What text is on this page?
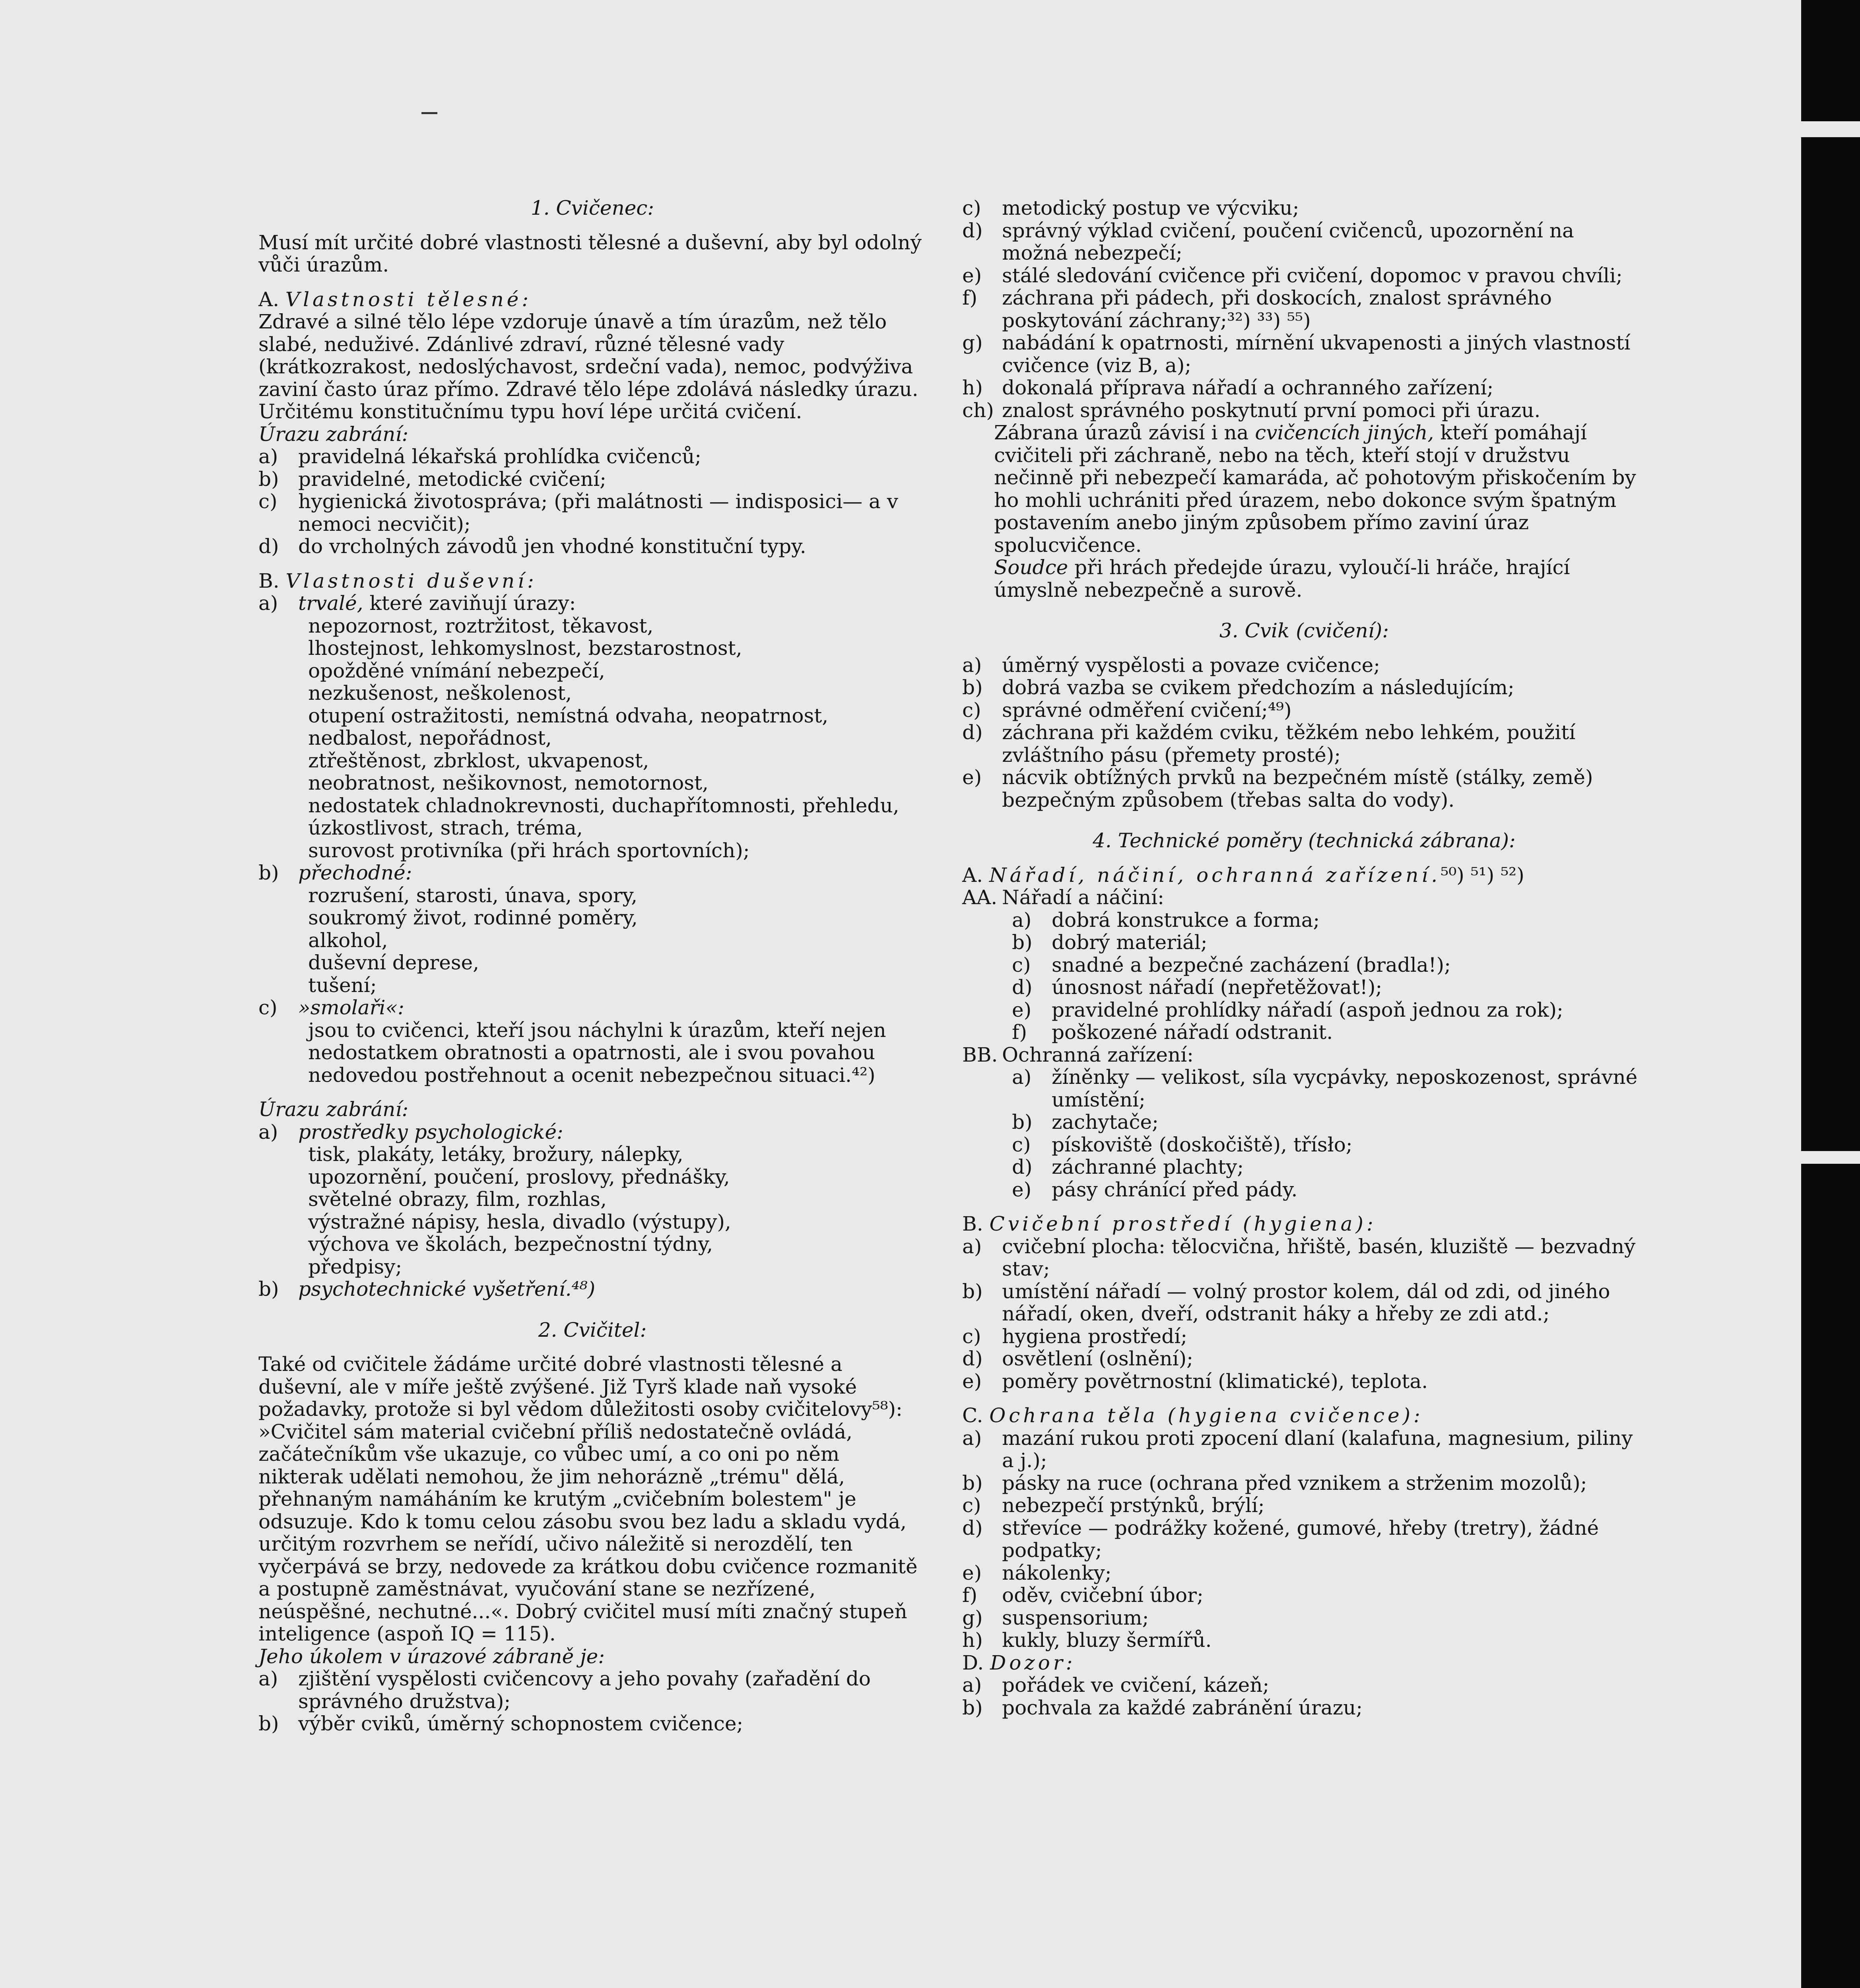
1. Cvičenec:

Musí mít určité dobré vlastnosti tělesné a duševní, aby byl odolný vůči úrazům.

A. Vlastnosti tělesné:

Zdravé a silné tělo lépe vzdoruje únavě a tím úrazům, než tělo slabé, neduživé. Zdánlivé zdraví, různé tělesné vady (krátkozrakost, nedoslýchavost, srdeční vada), nemoc, podvýživa zaviní často úraz přímo. Zdravé tělo lépe zdolává následky úrazu. Určitému konstitučnímu typu hoví lépe určitá cvičení.

Úrazu zabrání:

a)	pravidelná lékařská prohlídka cvičenců;
b) pravidelné, metodické cvičení;
c)	hygienická životospráva; (při malátnosti — indisposici— a v nemoci necvičit);
d) do vrcholných závodů jen vhodné konstituční typy.

B. Vlastnosti duševní:

a)	trvalé, které zaviňují úrazy:
nepozornost, roztržitost, těkavost,
lhostejnost, lehkomyslnost, bezstarostnost,
opožděné vnímání nebezpečí,
nezkušenost, neškolenost,
otupení ostražitosti, nemístná odvaha, neopatrnost,
nedbalost, nepořádnost,
ztřeštěnost, zbrklost, ukvapenost,
neobratnost, nešikovnost, nemotornost,
nedostatek chladnokrevnosti, duchapřítomnosti, přehledu,
úzkostlivost, strach, tréma,
surovost protivníka (při hrách sportovních);
b) přechodné:
rozrušení, starosti, únava, spory,
soukromý život, rodinné poměry,
alkohol,
duševní deprese,
tušení;
c)	»smolaři«:
jsou to cvičenci, kteří jsou náchylni k úrazům, kteří nejen nedostatkem obratnosti a opatrnosti, ale i svou povahou nedovedou postřehnout a ocenit nebezpečnou situaci.⁴²)

Úrazu zabrání:

a)	prostředky psychologické:
tisk, plakáty, letáky, brožury, nálepky,
upozornění, poučení, proslovy, přednášky,
světelné obrazy, film, rozhlas,
výstražné nápisy, hesla, divadlo (výstupy),
výchova ve školách, bezpečnostní týdny,
předpisy;
b) psychotechnické vyšetření.⁴⁸)

2. Cvičitel:

Také od cvičitele žádáme určité dobré vlastnosti tělesné a duševní, ale v míře ještě zvýšené. Již Tyrš klade naň vysoké požadavky, protože si byl vědom důležitosti osoby cvičitelovy⁵⁸): »Cvičitel sám material cvičební příliš nedostatečně ovládá, začátečníkům vše ukazuje, co vůbec umí, a co oni po něm nikterak udělati nemohou, že jim nehorázně „trému" dělá, přehnaným namáháním ke krutým „cvičebním bolestem" je odsuzuje. Kdo k tomu celou zásobu svou bez ladu a skladu vydá, určitým rozvrhem se neřídí, učivo náležitě si nerozdělí, ten vyčerpává se brzy, nedovede za krátkou dobu cvičence rozmanitě a postupně zaměstnávat, vyučování stane se nezřízené, neúspěšné, nechutné...«. Dobrý cvičitel musí míti značný stupeň inteligence (aspoň IQ = 115).

Jeho úkolem v úrazové zábraně je:

a)	zjištění vyspělosti cvičencovy a jeho povahy (zařadění do správného družstva);
b) výběr cviků, úměrný schopnostem cvičence;
c)	metodický postup ve výcviku;
d) správný výklad cvičení, poučení cvičenců, upozornění na možná nebezpečí;
e)	stálé sledování cvičence při cvičení, dopomoc v pravou chvíli;
f)	záchrana při pádech, při doskocích, znalost správného poskytování záchrany;³²) ³³) ⁵⁵)
g) nabádání k opatrnosti, mírnění ukvapenosti a jiných vlastností cvičence (viz B, a);
h) dokonalá příprava nářadí a ochranného zařízení;
ch) znalost správného poskytnutí první pomoci při úrazu.

Zábrana úrazů závisí i na cvičencích jiných, kteří pomáhají cvičiteli při záchraně, nebo na těch, kteří stojí v družstvu nečinně při nebezpečí kamaráda, ač pohotovým přiskočením by ho mohli uchrániti před úrazem, nebo dokonce svým špatným postavením anebo jiným způsobem přímo zaviní úraz spolucvičence.

Soudce při hrách předejde úrazu, vyloučí-li hráče, hrající úmyslně nebezpečně a surově.

3. Cvik (cvičení):

a)	úměrný vyspělosti a povaze cvičence;
b) dobrá vazba se cvikem předchozím a následujícím;
c)	správné odměření cvičení;⁴⁹)
d) záchrana při každém cviku, těžkém nebo lehkém, použití zvláštního pásu (přemety prosté);
e)	nácvik obtížných prvků na bezpečném místě (stálky, země) bezpečným způsobem (třebas salta do vody).

4. Technické poměry (technická zábrana):

A. Nářadí, náčiní, ochranná zařízení.⁵⁰) ⁵¹) ⁵²)

AA. Nářadí a náčiní:
a)	dobrá konstrukce a forma;
b) dobrý materiál;
c)	snadné a bezpečné zacházení (bradla!);
d) únosnost nářadí (nepřetěžovat!);
e)	pravidelné prohlídky nářadí (aspoň jednou za rok);
f)	poškozené nářadí odstranit.
BB. Ochranná zařízení:
a)	žíněnky — velikost, síla vycpávky, neposkozenost, správné umístění;
b) zachytače;
c)	pískoviště (doskočiště), třísło;
d) záchranné plachty;
e)	pásy chránící před pády.

B. Cvičební prostředí (hygiena):

a)	cvičební plocha: tělocvična, hřiště, basén, kluziště — bezvadný stav;
b) umístění nářadí — volný prostor kolem, dál od zdi, od jiného nářadí, oken, dveří, odstranit háky a hřeby ze zdi atd.;
c)	hygiena prostředí;
d) osvětlení (oslnění);
e)	poměry povětrnostní (klimatické), teplota.

C. Ochrana těla (hygiena cvičence):

a)	mazání rukou proti zpocení dlaní (kalafuna, magnesium, piliny a j.);
b) pásky na ruce (ochrana před vznikem a strženim mozolů);
c)	nebezpečí prstýnků, brýlí;
d) střevíce — podrážky kožené, gumové, hřeby (tretry), žádné podpatky;
e)	nákolenky;
f)	oděv, cvičební úbor;
g) suspensorium;
h) kukly, bluzy šermířů.

D. Dozor:

a)	pořádek ve cvičení, kázeň;
b) pochvala za každé zabránění úrazu;
